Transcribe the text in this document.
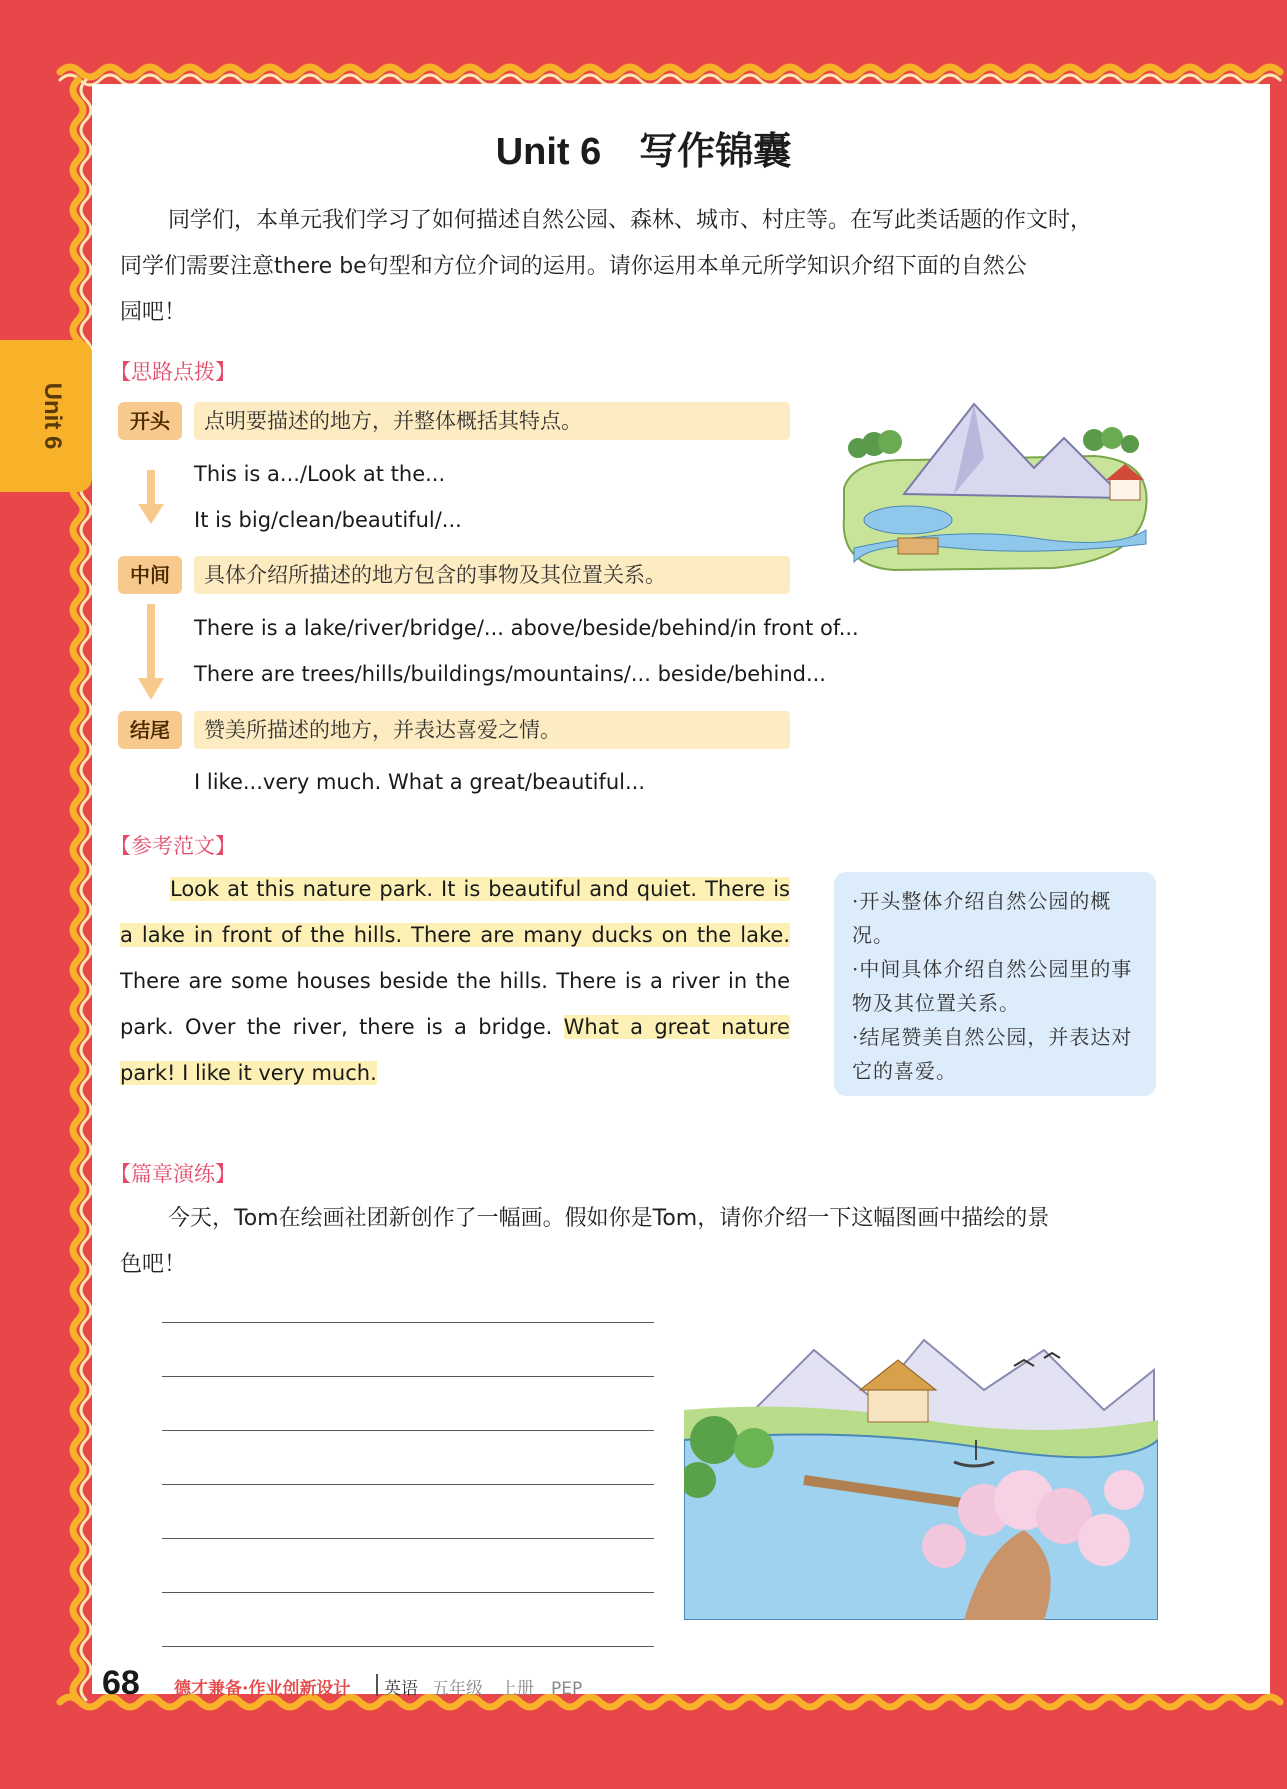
Unit 6
Unit 6　写作锦囊
同学们，本单元我们学习了如何描述自然公园、森林、城市、村庄等。在写此类话题的作文时，
同学们需要注意there be句型和方位介词的运用。请你运用本单元所学知识介绍下面的自然公
园吧！
【思路点拨】
开头	点明要描述的地方，并整体概括其特点。
This is a.../Look at the...
It is big/clean/beautiful/...
中间	具体介绍所描述的地方包含的事物及其位置关系。
There is a lake/river/bridge/... above/beside/behind/in front of...
There are trees/hills/buildings/mountains/... beside/behind...
结尾	赞美所描述的地方，并表达喜爱之情。
I like...very much. What a great/beautiful...
【参考范文】
Look at this nature park. It is beautiful and quiet. There is a lake in front of the hills. There are many ducks on the lake. There are some houses beside the hills. There is a river in the park. Over the river, there is a bridge. What a great nature park! I like it very much.
·开头整体介绍自然公园的概况。
·中间具体介绍自然公园里的事物及其位置关系。
·结尾赞美自然公园，并表达对它的喜爱。
【篇章演练】
今天，Tom在绘画社团新创作了一幅画。假如你是Tom，请你介绍一下这幅图画中描绘的景
色吧！
68 德才兼备·作业创新设计 英语 五年级　上册　PEP
